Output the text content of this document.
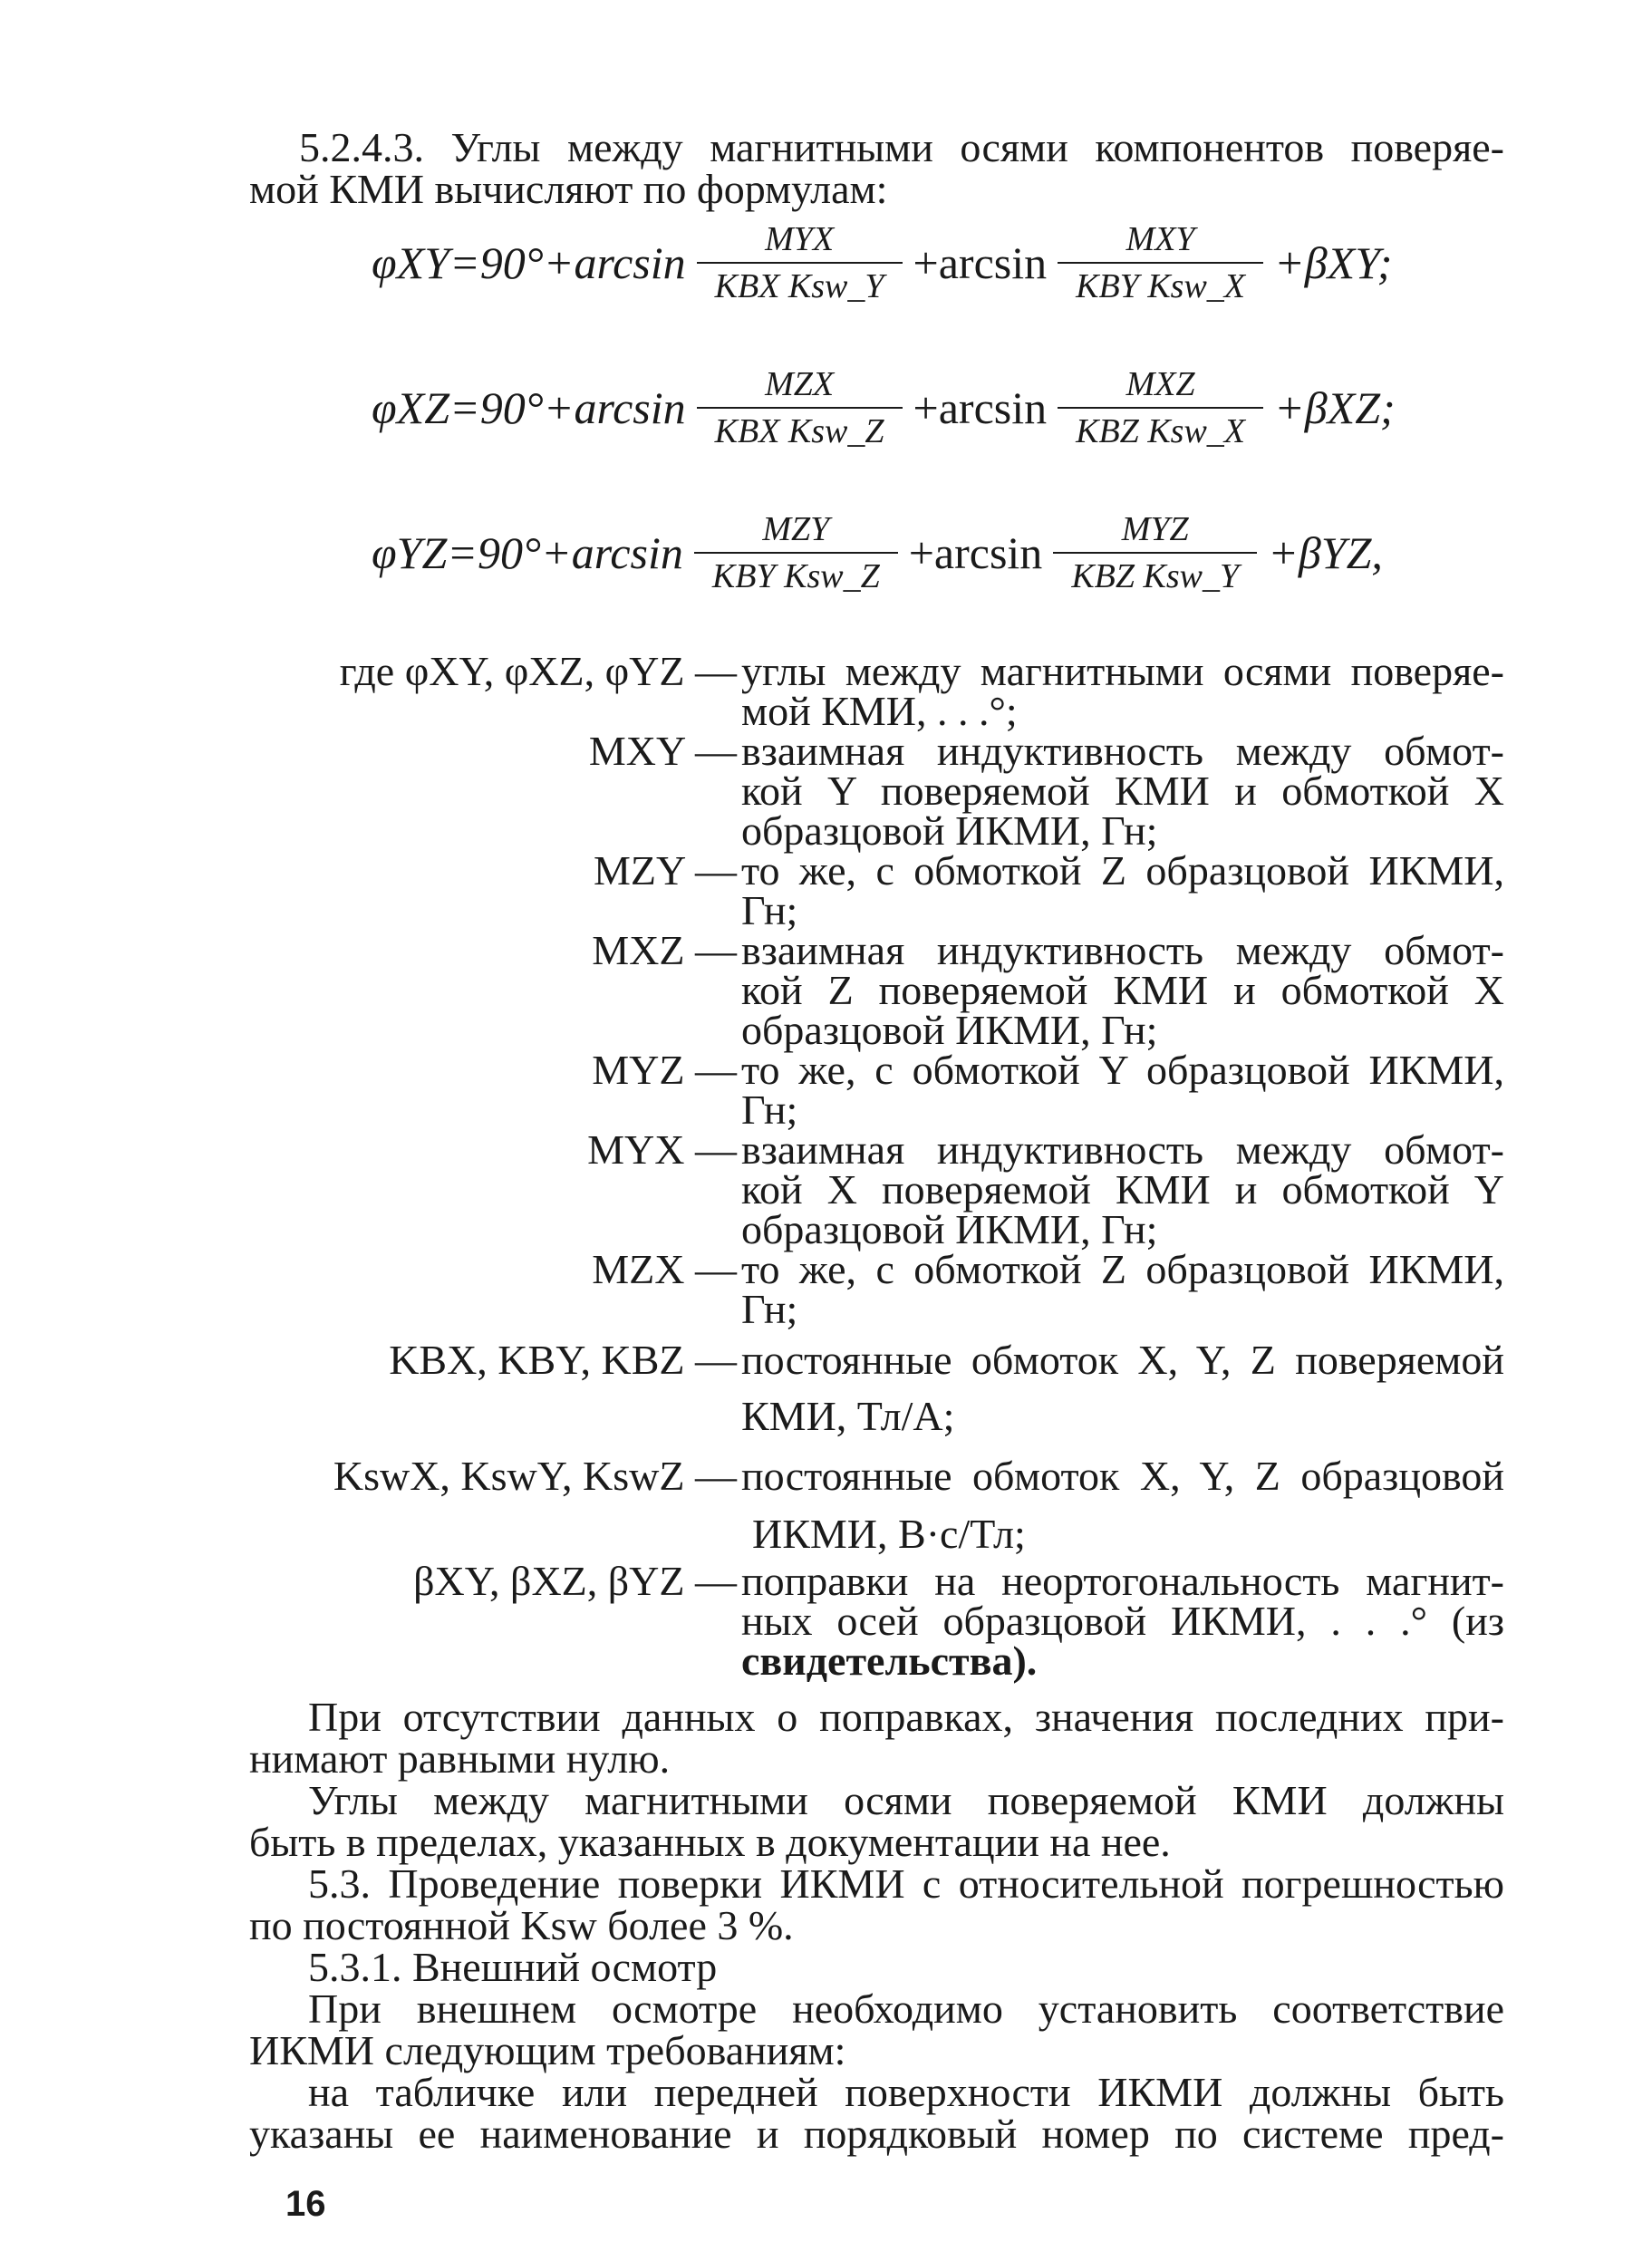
5.2.4.3. Углы между магнитными осями компонентов поверяе-
мой КМИ вычисляют по формулам:
$\varphi XY=90^\circ+\arcsin \frac{\text{MYX}}{\text{KBX Ksw\_Y}} +\arcsin \frac{\text{MXY}}{\text{KBY Ksw\_X}} +\beta XY$;
$\varphi XZ=90^\circ+\arcsin \frac{\text{MZX}}{\text{KBX Ksw\_Z}} +\arcsin \frac{\text{MXZ}}{\text{KBZ Ksw\_X}} +\beta XZ$;
$\varphi YZ=90^\circ+\arcsin \frac{\text{MZY}}{\text{KBY Ksw\_Z}} +\arcsin \frac{\text{MYZ}}{\text{KBZ Ksw\_Y}} +\beta YZ$,
где φXY, φXZ, φYZ — углы между магнитными осями поверяе-
мой КМИ, . . .°;
MXY — взаимная индуктивность между обмот-
кой Y поверяемой КМИ и обмоткой X
образцовой ИКМИ, Гн;
MZY — то же, с обмоткой Z образцовой ИКМИ,
Гн;
MXZ — взаимная индуктивность между обмот-
кой Z поверяемой КМИ и обмоткой X
образцовой ИКМИ, Гн;
MYZ — то же, с обмоткой Y образцовой ИКМИ,
Гн;
MYX — взаимная индуктивность между обмот-
кой X поверяемой КМИ и обмоткой Y
образцовой ИКМИ, Гн;
MZX — то же, с обмоткой Z образцовой ИКМИ,
Гн;
KBX, KBY, KBZ — постоянные обмоток X, Y, Z поверяемой
КМИ, Тл/А;
KswX, KswY, KswZ — постоянные обмоток X, Y, Z образцовой
ИКМИ, В·с/Тл;
βXY, βXZ, βYZ — поправки на неортогональность магнит-
ных осей образцовой ИКМИ, . . .° (из
свидетельства).
При отсутствии данных о поправках, значения последних при-
нимают равными нулю.
Углы между магнитными осями поверяемой КМИ должны
быть в пределах, указанных в документации на нее.
5.3. Проведение поверки ИКМИ с относительной погрешностью
по постоянной Ksw более 3 %.
5.3.1. Внешний осмотр
При внешнем осмотре необходимо установить соответствие
ИКМИ следующим требованиям:
на табличке или передней поверхности ИКМИ должны быть
указаны ее наименование и порядковый номер по системе пред-
16
